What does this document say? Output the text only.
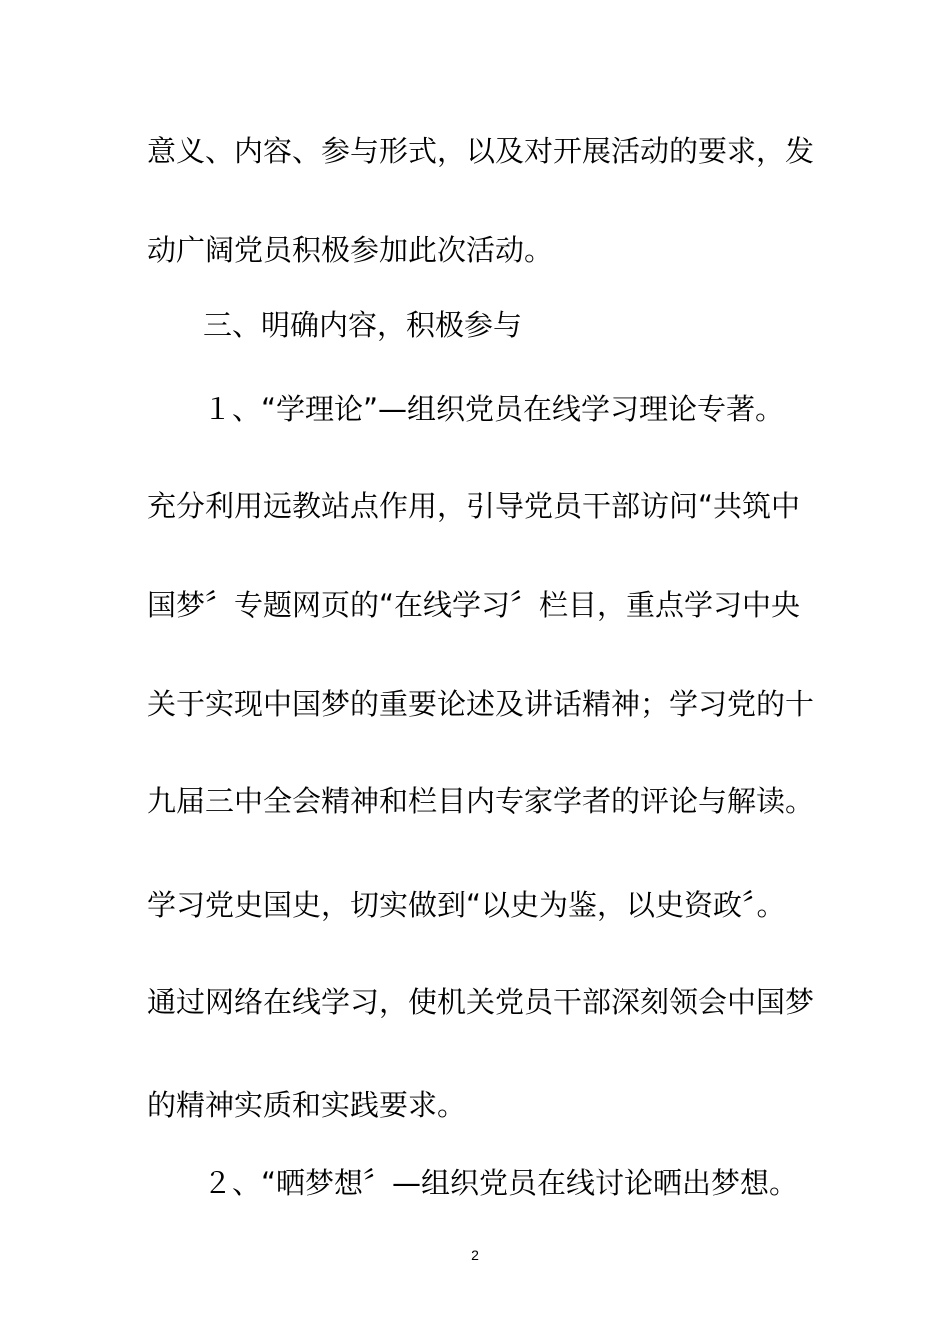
意义、内容、参与形式，以及对开展活动的要求，发
动广阔党员积极参加此次活动。
三、明确内容，积极参与
１、“学理论”—组织党员在线学习理论专著。
充分利用远教站点作用，引导党员干部访问“共筑中
国梦〞专题网页的“在线学习〞栏目，重点学习中央
关于实现中国梦的重要论述及讲话精神；学习党的十
九届三中全会精神和栏目内专家学者的评论与解读。
学习党史国史，切实做到“以史为鉴，以史资政〞。
通过网络在线学习，使机关党员干部深刻领会中国梦
的精神实质和实践要求。
２、“晒梦想〞—组织党员在线讨论晒出梦想。
2
